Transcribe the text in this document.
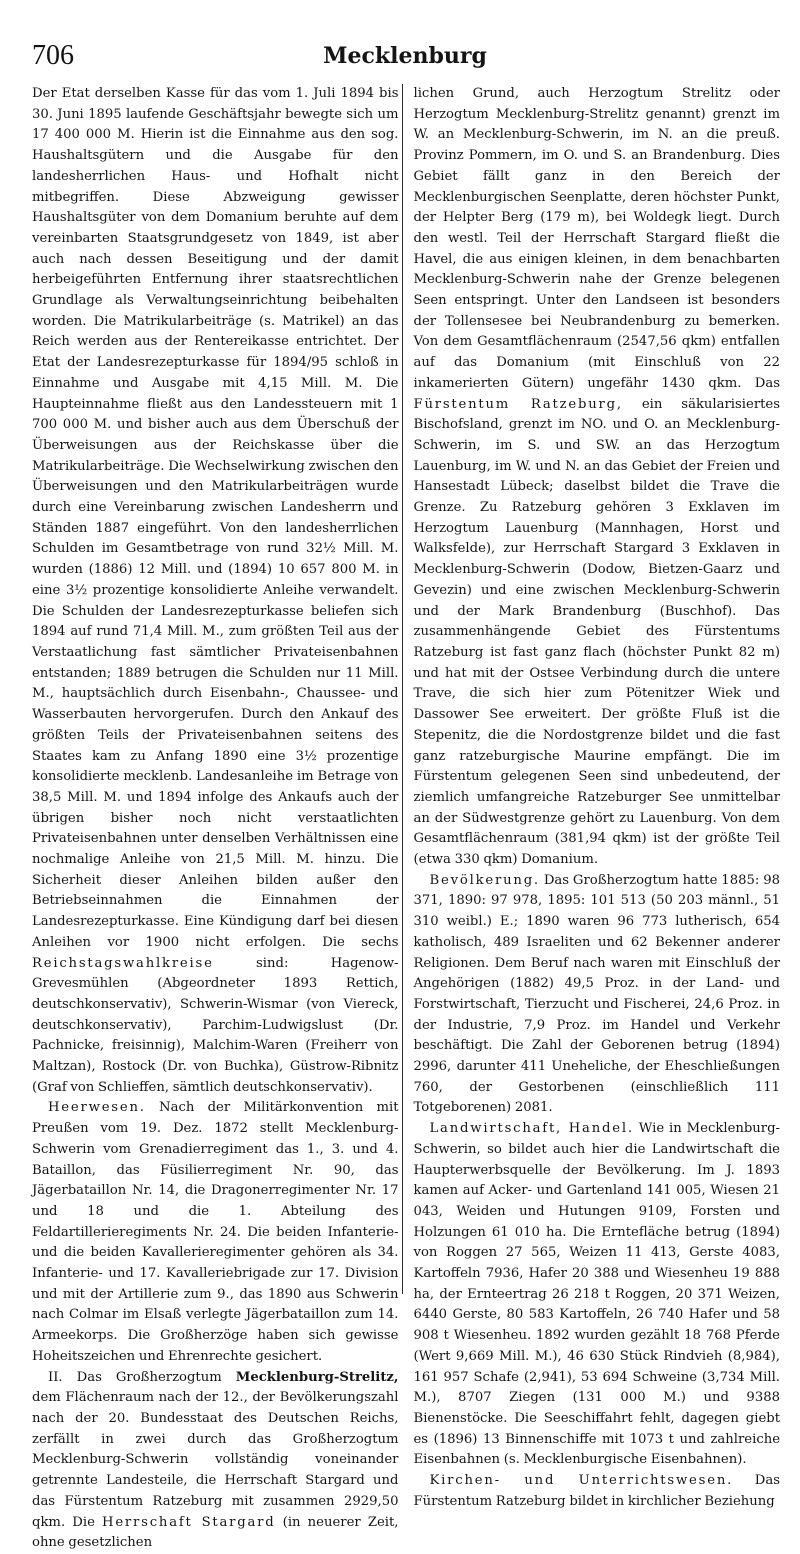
706	Mecklenburg

Der Etat derselben Kasse für das vom 1. Juli 1894 bis 30. Juni 1895 laufende Geschäftsjahr bewegte sich um 17 400 000 M. Hierin ist die Einnahme aus den sog. Haushaltsgütern und die Ausgabe für den landesherrlichen Haus- und Hofhalt nicht mitbegriffen. Diese Abzweigung gewisser Haushaltsgüter von dem Domanium beruhte auf dem vereinbarten Staatsgrundgesetz von 1849, ist aber auch nach dessen Beseitigung und der damit herbeigeführten Entfernung ihrer staatsrechtlichen Grundlage als Verwaltungseinrichtung beibehalten worden. Die Matrikularbeiträge (s. Matrikel) an das Reich werden aus der Rentereikasse entrichtet. Der Etat der Landesrezepturkasse für 1894/95 schloß in Einnahme und Ausgabe mit 4,15 Mill. M. Die Haupteinnahme fließt aus den Landessteuern mit 1 700 000 M. und bisher auch aus dem Überschuß der Überweisungen aus der Reichskasse über die Matrikularbeiträge. Die Wechselwirkung zwischen den Überweisungen und den Matrikularbeiträgen wurde durch eine Vereinbarung zwischen Landesherrn und Ständen 1887 eingeführt. Von den landesherrlichen Schulden im Gesamtbetrage von rund 32½ Mill. M. wurden (1886) 12 Mill. und (1894) 10 657 800 M. in eine 3½ prozentige konsolidierte Anleihe verwandelt. Die Schulden der Landesrezepturkasse beliefen sich 1894 auf rund 71,4 Mill. M., zum größten Teil aus der Verstaatlichung fast sämtlicher Privateisenbahnen entstanden; 1889 betrugen die Schulden nur 11 Mill. M., hauptsächlich durch Eisenbahn-, Chaussee- und Wasserbauten hervorgerufen. Durch den Ankauf des größten Teils der Privateisenbahnen seitens des Staates kam zu Anfang 1890 eine 3½ prozentige konsolidierte mecklenb. Landesanleihe im Betrage von 38,5 Mill. M. und 1894 infolge des Ankaufs auch der übrigen bisher noch nicht verstaatlichten Privateisenbahnen unter denselben Verhältnissen eine nochmalige Anleihe von 21,5 Mill. M. hinzu. Die Sicherheit dieser Anleihen bilden außer den Betriebseinnahmen die Einnahmen der Landesrezepturkasse. Eine Kündigung darf bei diesen Anleihen vor 1900 nicht erfolgen. Die sechs Reichstagswahlkreise sind: Hagenow-Grevesmühlen (Abgeordneter 1893 Rettich, deutschkonservativ), Schwerin-Wismar (von Viereck, deutschkonservativ), Parchim-Ludwigslust (Dr. Pachnicke, freisinnig), Malchim-Waren (Freiherr von Maltzan), Rostock (Dr. von Buchka), Güstrow-Ribnitz (Graf von Schlieffen, sämtlich deutschkonservativ).

Heerwesen. Nach der Militärkonvention mit Preußen vom 19. Dez. 1872 stellt Mecklenburg-Schwerin vom Grenadierregiment das 1., 3. und 4. Bataillon, das Füsilierregiment Nr. 90, das Jägerbataillon Nr. 14, die Dragonerregimenter Nr. 17 und 18 und die 1. Abteilung des Feldartillerieregiments Nr. 24. Die beiden Infanterie- und die beiden Kavallerieregimenter gehören als 34. Infanterie- und 17. Kavalleriebrigade zur 17. Division und mit der Artillerie zum 9., das 1890 aus Schwerin nach Colmar im Elsaß verlegte Jägerbataillon zum 14. Armeekorps. Die Großherzöge haben sich gewisse Hoheitszeichen und Ehrenrechte gesichert.

II. Das Großherzogtum Mecklenburg-Strelitz, dem Flächenraum nach der 12., der Bevölkerungszahl nach der 20. Bundesstaat des Deutschen Reichs, zerfällt in zwei durch das Großherzogtum Mecklenburg-Schwerin vollständig voneinander getrennte Landesteile, die Herrschaft Stargard und das Fürstentum Ratzeburg mit zusammen 2929,50 qkm. Die Herrschaft Stargard (in neuerer Zeit, ohne gesetzlichen

lichen Grund, auch Herzogtum Strelitz oder Herzogtum Mecklenburg-Strelitz genannt) grenzt im W. an Mecklenburg-Schwerin, im N. an die preuß. Provinz Pommern, im O. und S. an Brandenburg. Dies Gebiet fällt ganz in den Bereich der Mecklenburgischen Seenplatte, deren höchster Punkt, der Helpter Berg (179 m), bei Woldegk liegt. Durch den westl. Teil der Herrschaft Stargard fließt die Havel, die aus einigen kleinen, in dem benachbarten Mecklenburg-Schwerin nahe der Grenze belegenen Seen entspringt. Unter den Landseen ist besonders der Tollensesee bei Neubrandenburg zu bemerken. Von dem Gesamtflächenraum (2547,56 qkm) entfallen auf das Domanium (mit Einschluß von 22 inkamerierten Gütern) ungefähr 1430 qkm. Das Fürstentum Ratzeburg, ein säkularisiertes Bischofsland, grenzt im NO. und O. an Mecklenburg-Schwerin, im S. und SW. an das Herzogtum Lauenburg, im W. und N. an das Gebiet der Freien und Hansestadt Lübeck; daselbst bildet die Trave die Grenze. Zu Ratzeburg gehören 3 Exklaven im Herzogtum Lauenburg (Mannhagen, Horst und Walksfelde), zur Herrschaft Stargard 3 Exklaven in Mecklenburg-Schwerin (Dodow, Bietzen-Gaarz und Gevezin) und eine zwischen Mecklenburg-Schwerin und der Mark Brandenburg (Buschhof). Das zusammenhängende Gebiet des Fürstentums Ratzeburg ist fast ganz flach (höchster Punkt 82 m) und hat mit der Ostsee Verbindung durch die untere Trave, die sich hier zum Pötenitzer Wiek und Dassower See erweitert. Der größte Fluß ist die Stepenitz, die die Nordostgrenze bildet und die fast ganz ratzeburgische Maurine empfängt. Die im Fürstentum gelegenen Seen sind unbedeutend, der ziemlich umfangreiche Ratzeburger See unmittelbar an der Südwestgrenze gehört zu Lauenburg. Von dem Gesamtflächenraum (381,94 qkm) ist der größte Teil (etwa 330 qkm) Domanium.

Bevölkerung. Das Großherzogtum hatte 1885: 98 371, 1890: 97 978, 1895: 101 513 (50 203 männl., 51 310 weibl.) E.; 1890 waren 96 773 lutherisch, 654 katholisch, 489 Israeliten und 62 Bekenner anderer Religionen. Dem Beruf nach waren mit Einschluß der Angehörigen (1882) 49,5 Proz. in der Land- und Forstwirtschaft, Tierzucht und Fischerei, 24,6 Proz. in der Industrie, 7,9 Proz. im Handel und Verkehr beschäftigt. Die Zahl der Geborenen betrug (1894) 2996, darunter 411 Uneheliche, der Eheschließungen 760, der Gestorbenen (einschließlich 111 Totgeborenen) 2081.

Landwirtschaft, Handel. Wie in Mecklenburg-Schwerin, so bildet auch hier die Landwirtschaft die Haupterwerbsquelle der Bevölkerung. Im J. 1893 kamen auf Acker- und Gartenland 141 005, Wiesen 21 043, Weiden und Hutungen 9109, Forsten und Holzungen 61 010 ha. Die Erntefläche betrug (1894) von Roggen 27 565, Weizen 11 413, Gerste 4083, Kartoffeln 7936, Hafer 20 388 und Wiesenheu 19 888 ha, der Ernteertrag 26 218 t Roggen, 20 371 Weizen, 6440 Gerste, 80 583 Kartoffeln, 26 740 Hafer und 58 908 t Wiesenheu. 1892 wurden gezählt 18 768 Pferde (Wert 9,669 Mill. M.), 46 630 Stück Rindvieh (8,984), 161 957 Schafe (2,941), 53 694 Schweine (3,734 Mill. M.), 8707 Ziegen (131 000 M.) und 9388 Bienenstöcke. Die Seeschiffahrt fehlt, dagegen giebt es (1896) 13 Binnenschiffe mit 1073 t und zahlreiche Eisenbahnen (s. Mecklenburgische Eisenbahnen).

Kirchen- und Unterrichtswesen. Das Fürstentum Ratzeburg bildet in kirchlicher Beziehung
